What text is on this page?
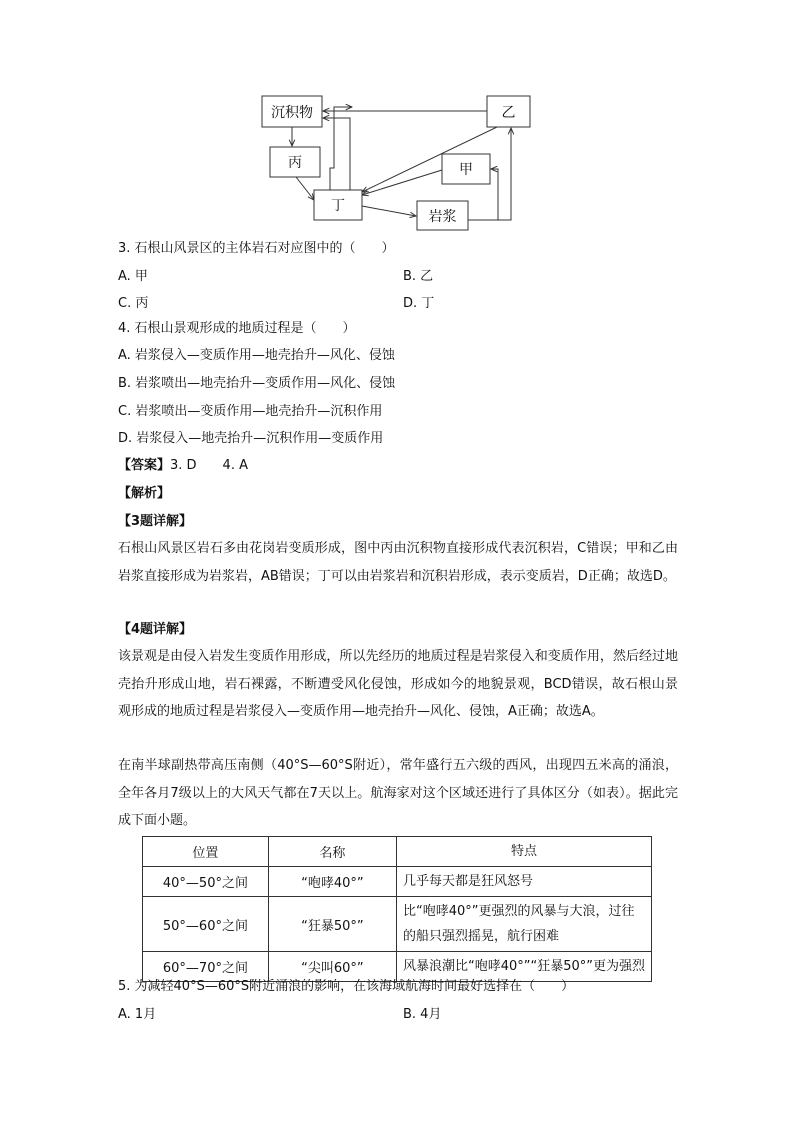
沉积物	乙
丙	甲
丁
岩浆
3. 石根山风景区的主体岩石对应图中的（　　）
A. 甲	B. 乙
C. 丙	D. 丁
4. 石根山景观形成的地质过程是（　　）
A. 岩浆侵入—变质作用—地壳抬升—风化、侵蚀
B. 岩浆喷出—地壳抬升—变质作用—风化、侵蚀
C. 岩浆喷出—变质作用—地壳抬升—沉积作用
D. 岩浆侵入—地壳抬升—沉积作用—变质作用
【答案】3. D　　4. A
【解析】
【3题详解】
石根山风景区岩石多由花岗岩变质形成，图中丙由沉积物直接形成代表沉积岩，C错误；甲和乙由岩浆直接形成为岩浆岩，AB错误；丁可以由岩浆岩和沉积岩形成，表示变质岩，D正确；故选D。
【4题详解】
该景观是由侵入岩发生变质作用形成，所以先经历的地质过程是岩浆侵入和变质作用，然后经过地壳抬升形成山地，岩石裸露，不断遭受风化侵蚀，形成如今的地貌景观，BCD错误，故石根山景观形成的地质过程是岩浆侵入—变质作用—地壳抬升—风化、侵蚀，A正确；故选A。
在南半球副热带高压南侧（40°S—60°S附近），常年盛行五六级的西风，出现四五米高的涌浪，全年各月7级以上的大风天气都在7天以上。航海家对这个区域还进行了具体区分（如表）。据此完成下面小题。
位置	名称	特点
40°—50°之间	“咆哮40°”	几乎每天都是狂风怒号
50°—60°之间	“狂暴50°”	比“咆哮40°”更强烈的风暴与大浪，过往的船只强烈摇晃，航行困难
60°—70°之间	“尖叫60°”	风暴浪潮比“咆哮40°”“狂暴50°”更为强烈
5. 为减轻40°S—60°S附近涌浪的影响，在该海域航海时间最好选择在（　　）
A. 1月	B. 4月
